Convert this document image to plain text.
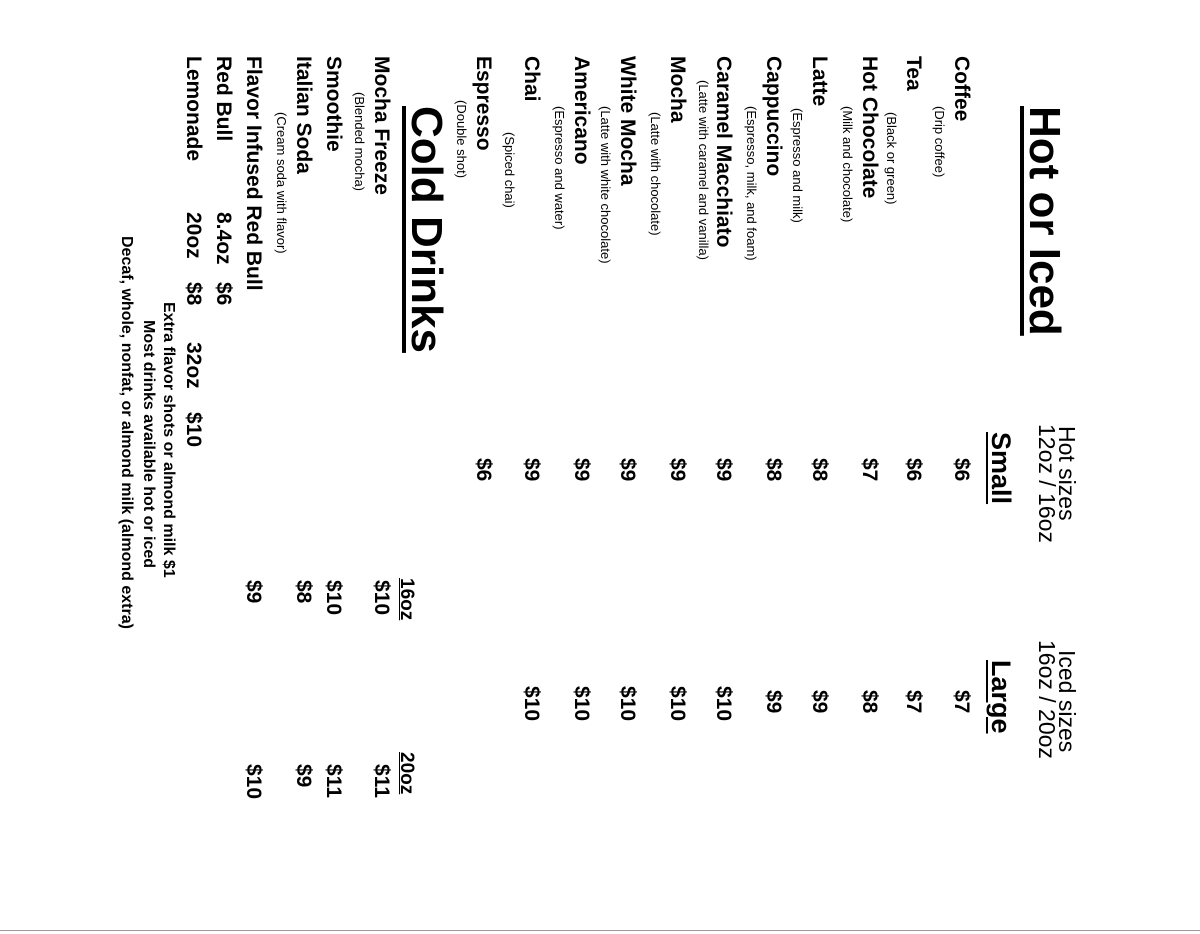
Hot or Iced
Hot sizes
12oz / 16oz
Iced sizes
16oz / 20oz
Small
Large
Coffee
(Drip coffee)
$6
$7
Tea
(Black or green)
$6
$7
Hot Chocolate
(Milk and chocolate)
$7
$8
Latte
(Espresso and milk)
$8
$9
Cappuccino
(Espresso, milk, and foam)
$8
$9
Caramel Macchiato
(Latte with caramel and vanilla)
$9
$10
Mocha
(Latte with chocolate)
$9
$10
White Mocha
(Latte with white chocolate)
$9
$10
Americano
(Espresso and water)
$9
$10
Chai
(Spiced chai)
$9
$10
Espresso
(Double shot)
$6
Cold Drinks
16oz
20oz
Mocha Freeze
(Blended mocha)
$10
$11
Smoothie
$10
$11
Italian Soda
(Cream soda with flavor)
$8
$9
Flavor Infused Red Bull
$9
$10
Red Bull
8.4oz
$6
Lemonade
20oz
$8
32oz
$10
Extra flavor shots or almond milk $1
Most drinks available hot or iced
Decaf, whole, nonfat, or almond milk (almond extra)
